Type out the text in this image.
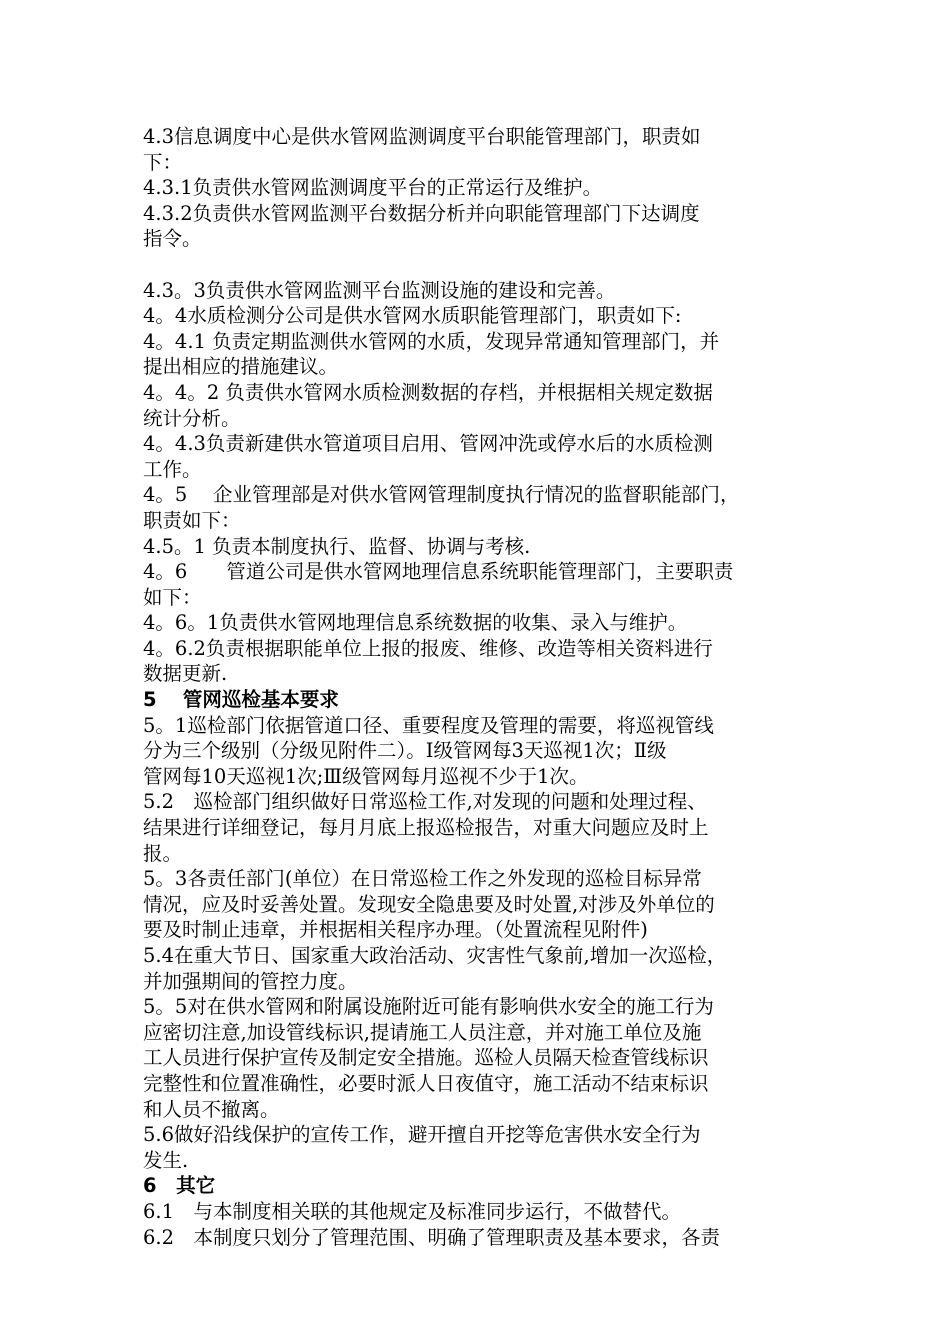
4.3信息调度中心是供水管网监测调度平台职能管理部门，职责如
下：
4.3.1负责供水管网监测调度平台的正常运行及维护。
4.3.2负责供水管网监测平台数据分析并向职能管理部门下达调度
指令。
4.3。3负责供水管网监测平台监测设施的建设和完善。
4。4水质检测分公司是供水管网水质职能管理部门，职责如下:
4。4.1 负责定期监测供水管网的水质，发现异常通知管理部门，并
提出相应的措施建议。
4。4。2 负责供水管网水质检测数据的存档，并根据相关规定数据
统计分析。
4。4.3负责新建供水管道项目启用、管网冲洗或停水后的水质检测
工作。
4。5　 企业管理部是对供水管网管理制度执行情况的监督职能部门，
职责如下：
4.5。1 负责本制度执行、监督、协调与考核.
4。6　　管道公司是供水管网地理信息系统职能管理部门，主要职责
如下：
4。6。1负责供水管网地理信息系统数据的收集、录入与维护。
4。6.2负责根据职能单位上报的报废、维修、改造等相关资料进行
数据更新.
5　 管网巡检基本要求
5。1巡检部门依据管道口径、重要程度及管理的需要，将巡视管线
分为三个级别（分级见附件二）。Ⅰ级管网每3天巡视1次；Ⅱ级
管网每10天巡视1次;Ⅲ级管网每月巡视不少于1次。
5.2　巡检部门组织做好日常巡检工作,对发现的问题和处理过程、
结果进行详细登记，每月月底上报巡检报告，对重大问题应及时上
报。
5。3各责任部门(单位）在日常巡检工作之外发现的巡检目标异常
情况，应及时妥善处置。发现安全隐患要及时处置,对涉及外单位的
要及时制止违章，并根据相关程序办理。（处置流程见附件)
5.4在重大节日、国家重大政治活动、灾害性气象前,增加一次巡检，
并加强期间的管控力度。
5。5对在供水管网和附属设施附近可能有影响供水安全的施工行为
应密切注意,加设管线标识,提请施工人员注意，并对施工单位及施
工人员进行保护宣传及制定安全措施。巡检人员隔天检查管线标识
完整性和位置准确性，必要时派人日夜值守，施工活动不结束标识
和人员不撤离。
5.6做好沿线保护的宣传工作，避开擅自开挖等危害供水安全行为
发生.
6　其它
6.1　与本制度相关联的其他规定及标准同步运行，不做替代。
6.2　本制度只划分了管理范围、明确了管理职责及基本要求，各责
